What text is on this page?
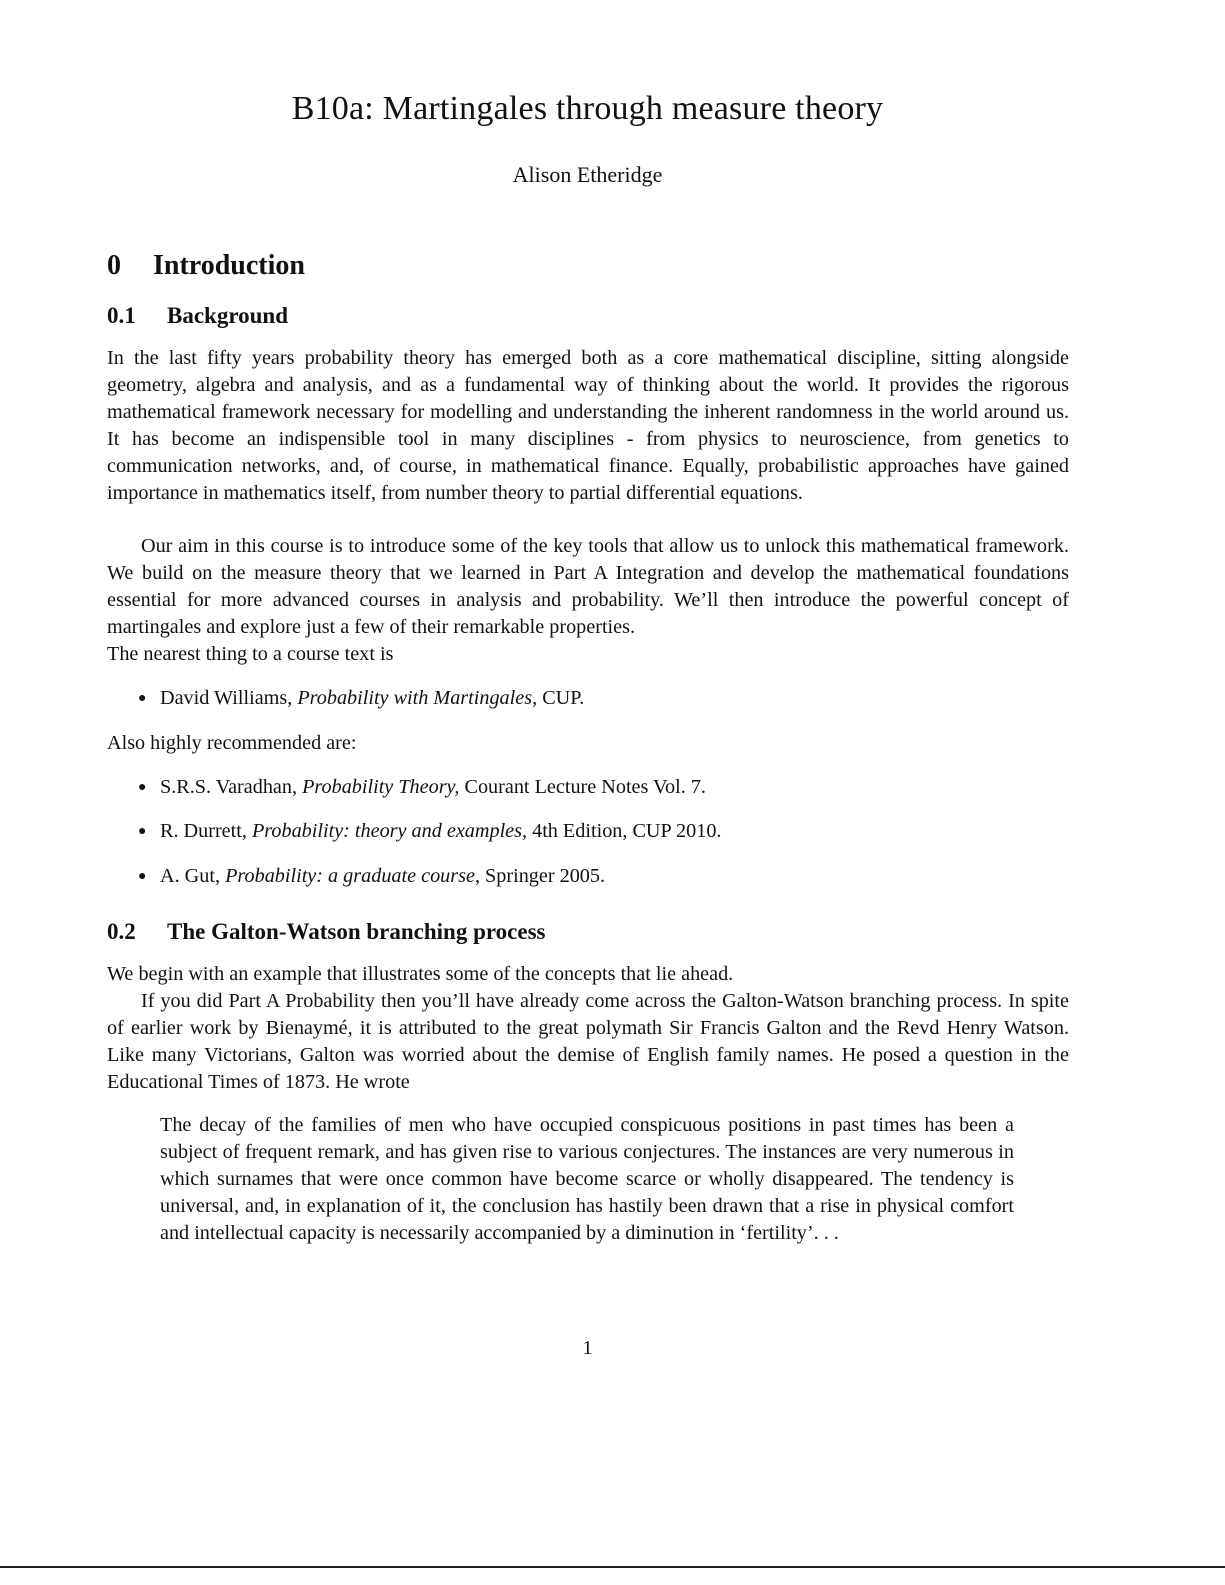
B10a: Martingales through measure theory
Alison Etheridge
0 Introduction
0.1 Background

In the last fifty years probability theory has emerged both as a core mathematical discipline, sitting alongside geometry, algebra and analysis, and as a fundamental way of thinking about the world. It provides the rigorous mathematical framework necessary for modelling and understanding the inherent randomness in the world around us. It has become an indispensible tool in many disciplines - from physics to neuroscience, from genetics to communication networks, and, of course, in mathematical finance. Equally, probabilistic approaches have gained importance in mathematics itself, from number theory to partial differential equations.

Our aim in this course is to introduce some of the key tools that allow us to unlock this mathematical framework. We build on the measure theory that we learned in Part A Integration and develop the mathematical foundations essential for more advanced courses in analysis and probability. We’ll then introduce the powerful concept of martingales and explore just a few of their remarkable properties.

The nearest thing to a course text is

● David Williams, Probability with Martingales, CUP.

Also highly recommended are:

● S.R.S. Varadhan, Probability Theory, Courant Lecture Notes Vol. 7.
● R. Durrett, Probability: theory and examples, 4th Edition, CUP 2010.
● A. Gut, Probability: a graduate course, Springer 2005.
0.2 The Galton-Watson branching process

We begin with an example that illustrates some of the concepts that lie ahead.

If you did Part A Probability then you’ll have already come across the Galton-Watson branching process. In spite of earlier work by Bienaymé, it is attributed to the great polymath Sir Francis Galton and the Revd Henry Watson. Like many Victorians, Galton was worried about the demise of English family names. He posed a question in the Educational Times of 1873. He wrote

The decay of the families of men who have occupied conspicuous positions in past times has been a subject of frequent remark, and has given rise to various conjectures. The instances are very numerous in which surnames that were once common have become scarce or wholly disappeared. The tendency is universal, and, in explanation of it, the conclusion has hastily been drawn that a rise in physical comfort and intellectual capacity is necessarily accompanied by a diminution in ‘fertility’. . .

1
